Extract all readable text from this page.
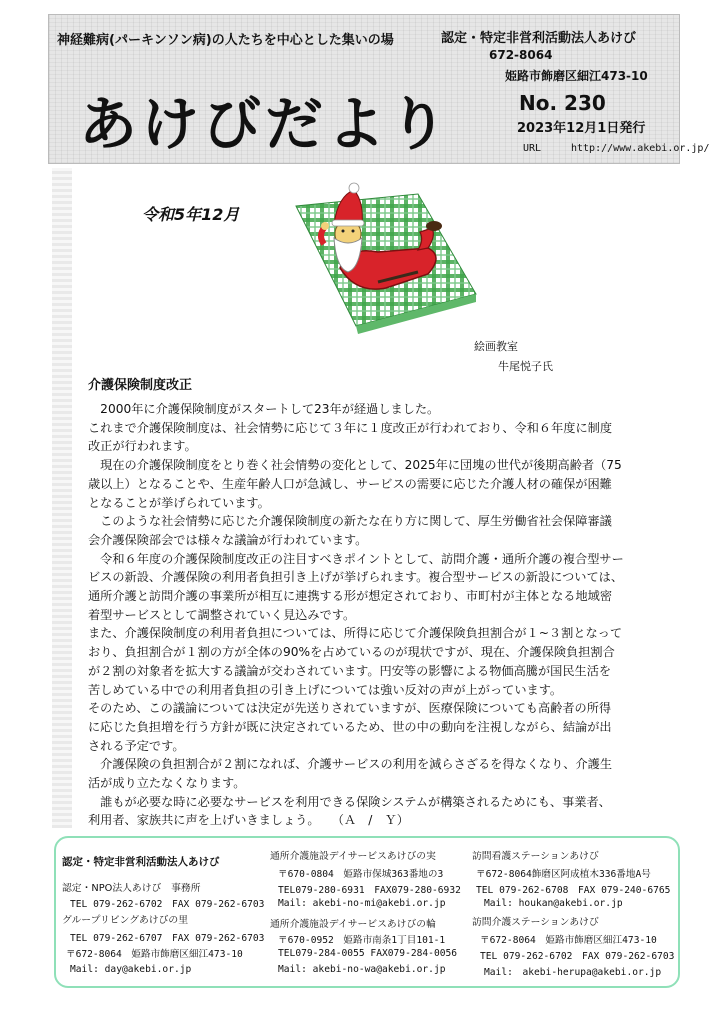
神経難病(パーキンソン病)の人たちを中心とした集いの場
あけびだより
認定・特定非営利活動法人あけび
672-8064
姫路市飾磨区細江473-10
No. 230
2023年12月1日発行
URL	http://www.akebi.or.jp/
令和5年12月
絵画教室
牛尾悦子氏
介護保険制度改正

　2000年に介護保険制度がスタートして23年が経過しました。

これまで介護保険制度は、社会情勢に応じて３年に１度改正が行われており、令和６年度に制度

改正が行われます。

　現在の介護保険制度をとり巻く社会情勢の変化として、2025年に団塊の世代が後期高齢者（75

歳以上）となることや、生産年齢人口が急減し、サービスの需要に応じた介護人材の確保が困難

となることが挙げられています。

　このような社会情勢に応じた介護保険制度の新たな在り方に関して、厚生労働省社会保障審議

会介護保険部会では様々な議論が行われています。

　令和６年度の介護保険制度改正の注目すべきポイントとして、訪問介護・通所介護の複合型サー

ビスの新設、介護保険の利用者負担引き上げが挙げられます。複合型サービスの新設については、

通所介護と訪問介護の事業所が相互に連携する形が想定されており、市町村が主体となる地域密

着型サービスとして調整されていく見込みです。

また、介護保険制度の利用者負担については、所得に応じて介護保険負担割合が１~３割となって

おり、負担割合が１割の方が全体の90%を占めているのが現状ですが、現在、介護保険負担割合

が２割の対象者を拡大する議論が交わされています。円安等の影響による物価高騰が国民生活を

苦しめている中での利用者負担の引き上げについては強い反対の声が上がっています。

そのため、この議論については決定が先送りされていますが、医療保険についても高齢者の所得

に応じた負担増を行う方針が既に決定されているため、世の中の動向を注視しながら、結論が出

される予定です。

　介護保険の負担割合が２割になれば、介護サービスの利用を減らさざるを得なくなり、介護生

活が成り立たなくなります。

　誰もが必要な時に必要なサービスを利用できる保険システムが構築されるためにも、事業者、

利用者、家族共に声を上げいきましょう。　　（Ａ　/　Ｙ）

認定・特定非営利活動法人あけび
認定・NPO法人あけび　事務所
TEL 079-262-6702　FAX 079-262-6703
グループリビングあけびの里
TEL 079-262-6707　FAX 079-262-6703
〒672-8064　姫路市飾磨区細江473-10
Mail: day@akebi.or.jp
通所介護施設デイサービスあけびの実
〒670-0804　姫路市保城363番地の3
TEL079-280-6931　FAX079-280-6932
Mail: akebi-no-mi@akebi.or.jp
通所介護施設デイサービスあけびの輪
〒670-0952　姫路市南条1丁目101-1
TEL079-284-0055 FAX079-284-0056
Mail: akebi-no-wa@akebi.or.jp
訪問看護ステーションあけび
〒672-8064飾磨区阿成植木336番地A号
TEL 079-262-6708　FAX 079-240-6765
Mail: houkan@akebi.or.jp
訪問介護ステーションあけび
〒672-8064　姫路市飾磨区細江473-10
TEL 079-262-6702　FAX 079-262-6703
Mail:　akebi-herupa@akebi.or.jp
